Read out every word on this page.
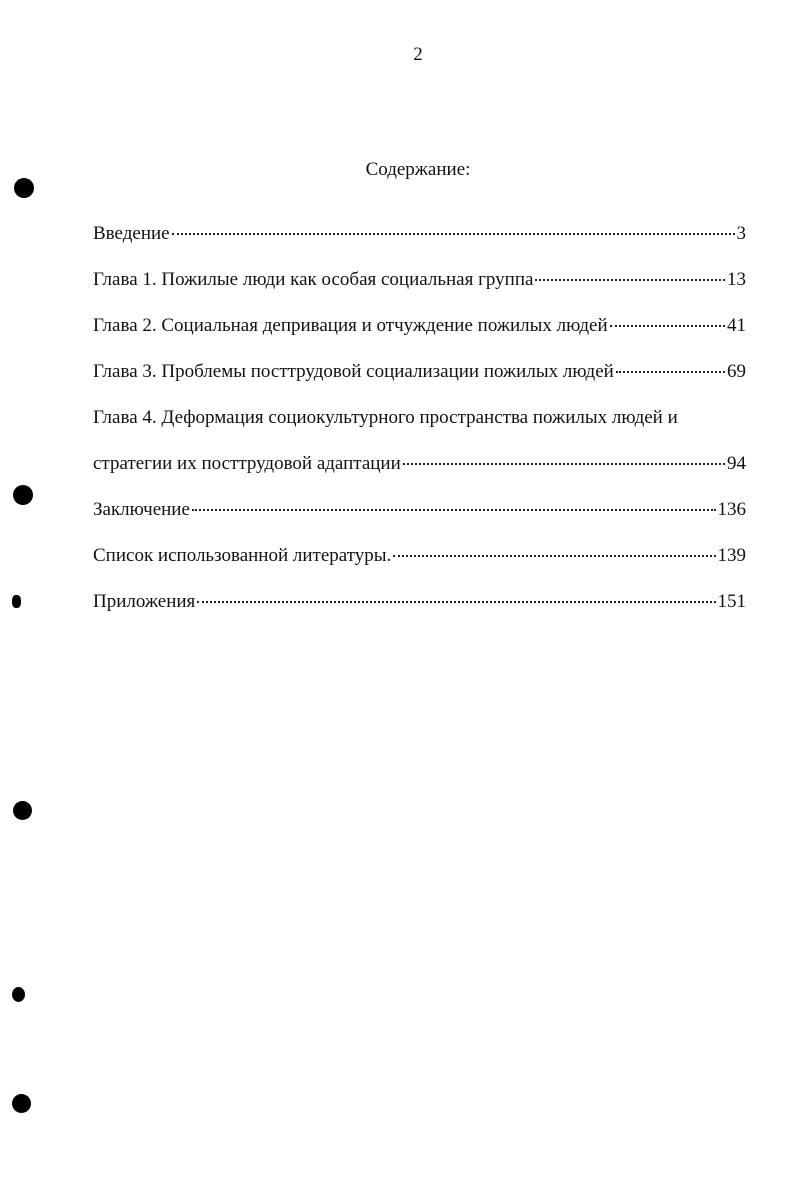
2
Содержание:
Введение	3
Глава 1. Пожилые люди как особая социальная группа	13
Глава 2. Социальная депривация и отчуждение пожилых людей	41
Глава 3. Проблемы посттрудовой социализации пожилых людей	69
Глава 4. Деформация социокультурного пространства пожилых людей и
стратегии их посттрудовой адаптации	94
Заключение	136
Список использованной литературы.	139
Приложения	151
